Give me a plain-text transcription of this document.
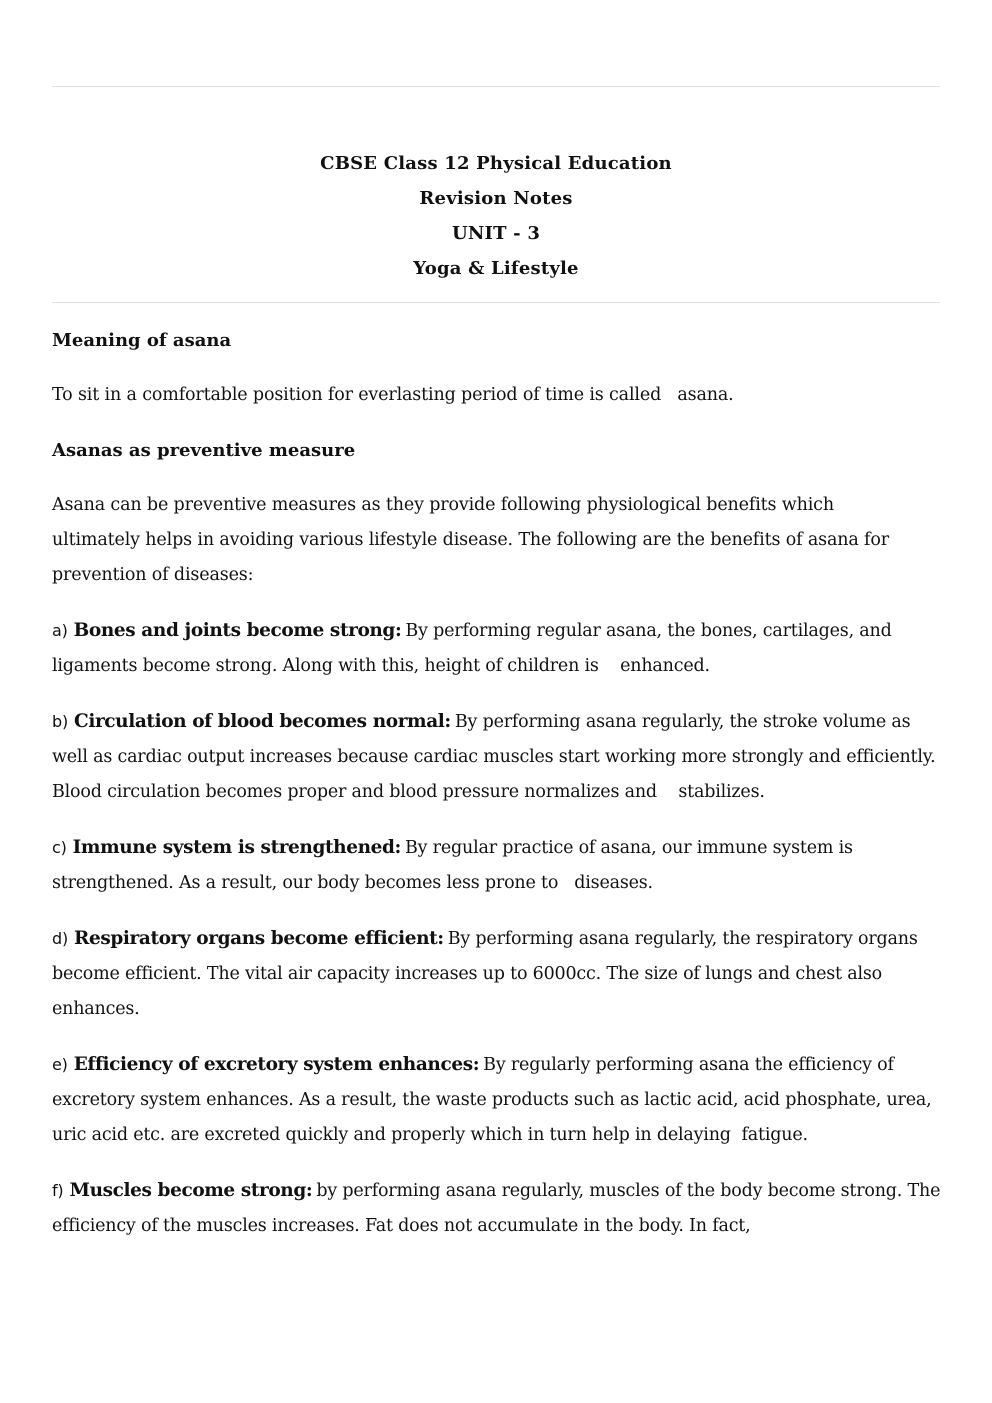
CBSE Class 12 Physical Education
Revision Notes
UNIT - 3
Yoga & Lifestyle
Meaning of asana
To sit in a comfortable position for everlasting period of time is called   asana.
Asanas as preventive measure
Asana can be preventive measures as they provide following physiological benefits which ultimately helps in avoiding various lifestyle disease. The following are the benefits of asana for prevention of diseases:
a) Bones and joints become strong: By performing regular asana, the bones, cartilages, and ligaments become strong. Along with this, height of children is    enhanced.
b) Circulation of blood becomes normal: By performing asana regularly, the stroke volume as well as cardiac output increases because cardiac muscles start working more strongly and efficiently. Blood circulation becomes proper and blood pressure normalizes and    stabilizes.
c) Immune system is strengthened: By regular practice of asana, our immune system is strengthened. As a result, our body becomes less prone to   diseases.
d) Respiratory organs become efficient: By performing asana regularly, the respiratory organs become efficient. The vital air capacity increases up to 6000cc. The size of lungs and chest also  enhances.
e) Efficiency of excretory system enhances: By regularly performing asana the efficiency of excretory system enhances. As a result, the waste products such as lactic acid, acid phosphate, urea, uric acid etc. are excreted quickly and properly which in turn help in delaying  fatigue.
f) Muscles become strong: by performing asana regularly, muscles of the body become strong. The efficiency of the muscles increases. Fat does not accumulate in the body. In fact,
